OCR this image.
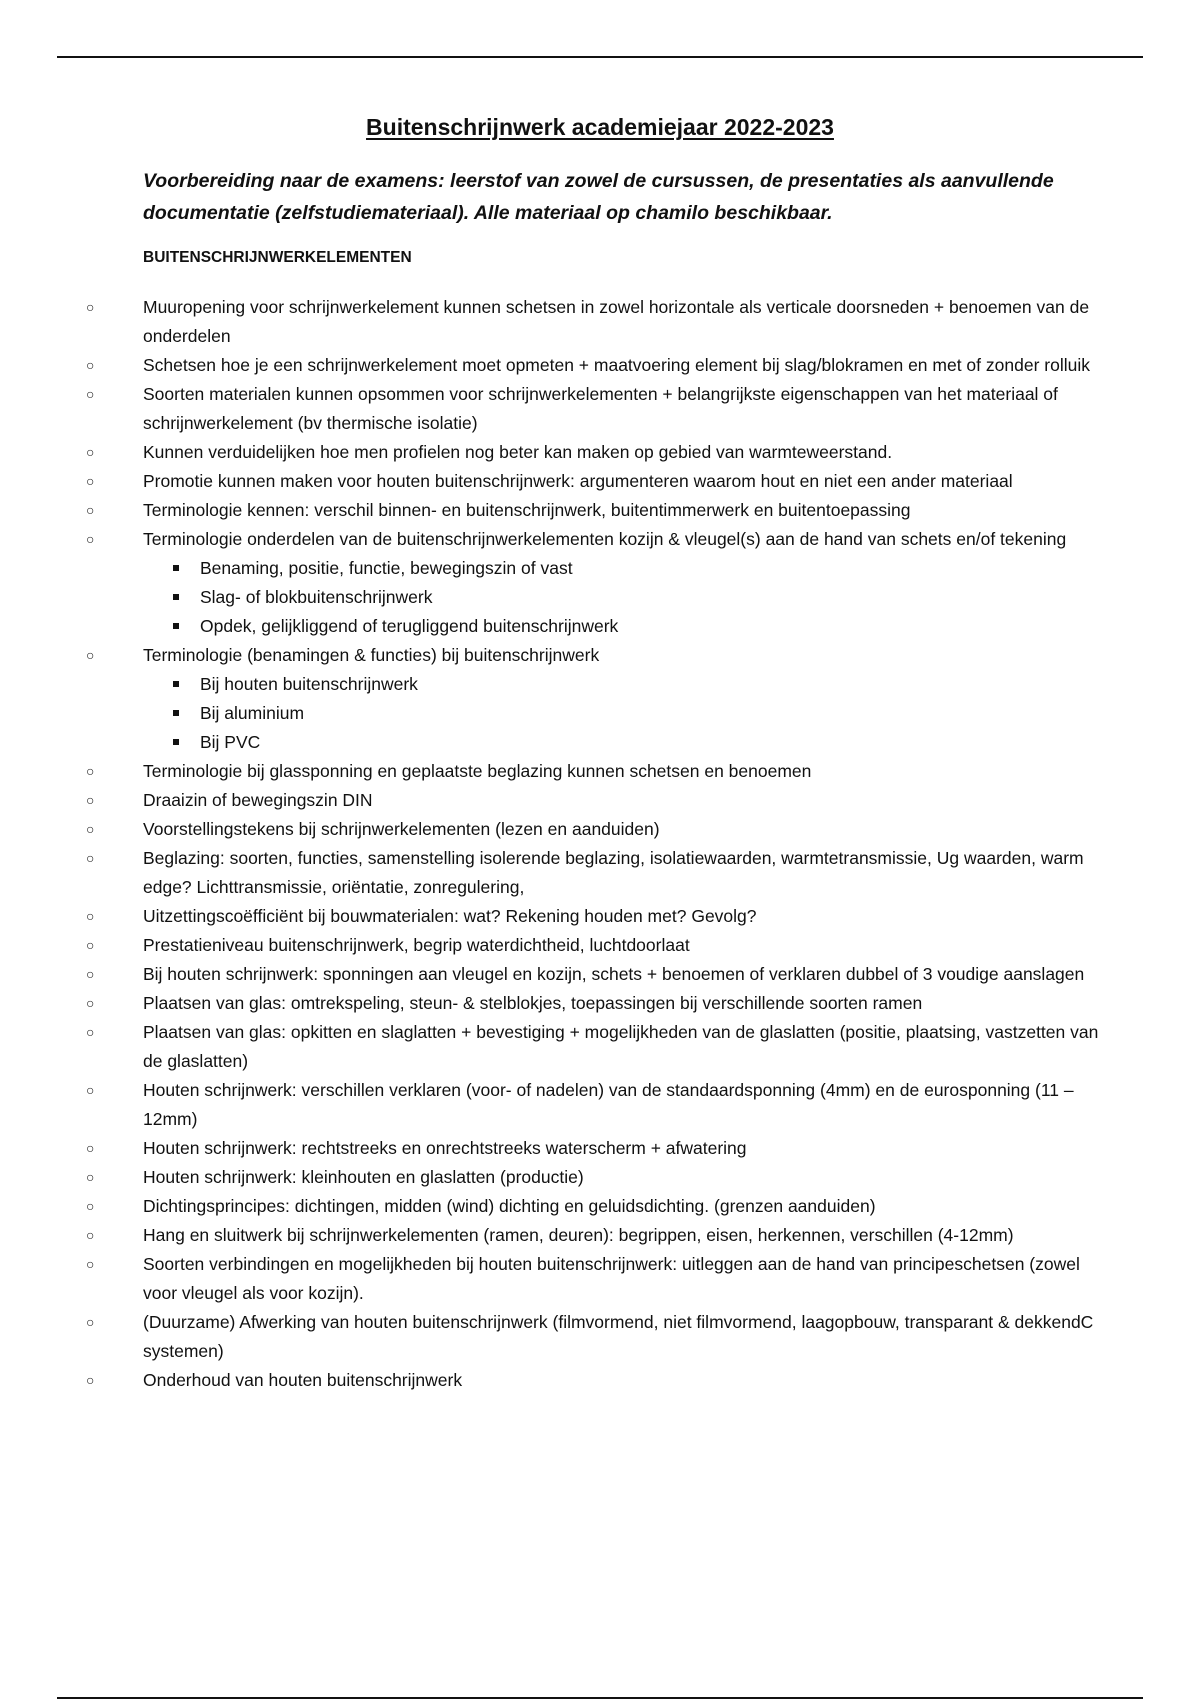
Buitenschrijnwerk academiejaar 2022-2023

Voorbereiding naar de examens: leerstof van zowel de cursussen, de presentaties als aanvullende documentatie (zelfstudiemateriaal). Alle materiaal op chamilo beschikbaar.

BUITENSCHRIJNWERKELEMENTEN
○	Muuropening voor schrijnwerkelement kunnen schetsen in zowel horizontale als verticale doorsneden + benoemen van de onderdelen
○	Schetsen hoe je een schrijnwerkelement moet opmeten + maatvoering element bij slag/blokramen en met of zonder rolluik
○	Soorten materialen kunnen opsommen voor schrijnwerkelementen + belangrijkste eigenschappen van het materiaal of schrijnwerkelement (bv thermische isolatie)
○	Kunnen verduidelijken hoe men profielen nog beter kan maken op gebied van warmteweerstand.
○	Promotie kunnen maken voor houten buitenschrijnwerk: argumenteren waarom hout en niet een ander materiaal
○	Terminologie kennen: verschil binnen- en buitenschrijnwerk, buitentimmerwerk en buitentoepassing
○	Terminologie onderdelen van de buitenschrijnwerkelementen kozijn & vleugel(s) aan de hand van schets en/of tekening
Benaming, positie, functie, bewegingszin of vast
Slag- of blokbuitenschrijnwerk
Opdek, gelijkliggend of terugliggend buitenschrijnwerk
○	Terminologie (benamingen & functies) bij buitenschrijnwerk
Bij houten buitenschrijnwerk
Bij aluminium
Bij PVC
○	Terminologie bij glassponning en geplaatste beglazing kunnen schetsen en benoemen
○	Draaizin of bewegingszin DIN
○	Voorstellingstekens bij schrijnwerkelementen (lezen en aanduiden)
○	Beglazing: soorten, functies, samenstelling isolerende beglazing, isolatiewaarden, warmtetransmissie, Ug waarden, warm edge? Lichttransmissie, oriëntatie, zonregulering,
○	Uitzettingscoëfficiënt bij bouwmaterialen: wat? Rekening houden met? Gevolg?
○	Prestatieniveau buitenschrijnwerk, begrip waterdichtheid, luchtdoorlaat
○	Bij houten schrijnwerk: sponningen aan vleugel en kozijn, schets + benoemen of verklaren dubbel of 3 voudige aanslagen
○	Plaatsen van glas: omtrekspeling, steun- & stelblokjes, toepassingen bij verschillende soorten ramen
○	Plaatsen van glas: opkitten en slaglatten + bevestiging + mogelijkheden van de glaslatten (positie, plaatsing, vastzetten van de glaslatten)
○	Houten schrijnwerk: verschillen verklaren (voor- of nadelen) van de standaardsponning (4mm) en de eurosponning (11 – 12mm)
○	Houten schrijnwerk: rechtstreeks en onrechtstreeks waterscherm + afwatering
○	Houten schrijnwerk: kleinhouten en glaslatten (productie)
○	Dichtingsprincipes: dichtingen, midden (wind) dichting en geluidsdichting. (grenzen aanduiden)
○	Hang en sluitwerk bij schrijnwerkelementen (ramen, deuren): begrippen, eisen, herkennen, verschillen (4-12mm)
○	Soorten verbindingen en mogelijkheden bij houten buitenschrijnwerk: uitleggen aan de hand van principeschetsen (zowel voor vleugel als voor kozijn).
○	(Duurzame) Afwerking van houten buitenschrijnwerk (filmvormend, niet filmvormend, laagopbouw, transparant & dekkendC systemen)
○	Onderhoud van houten buitenschrijnwerk
